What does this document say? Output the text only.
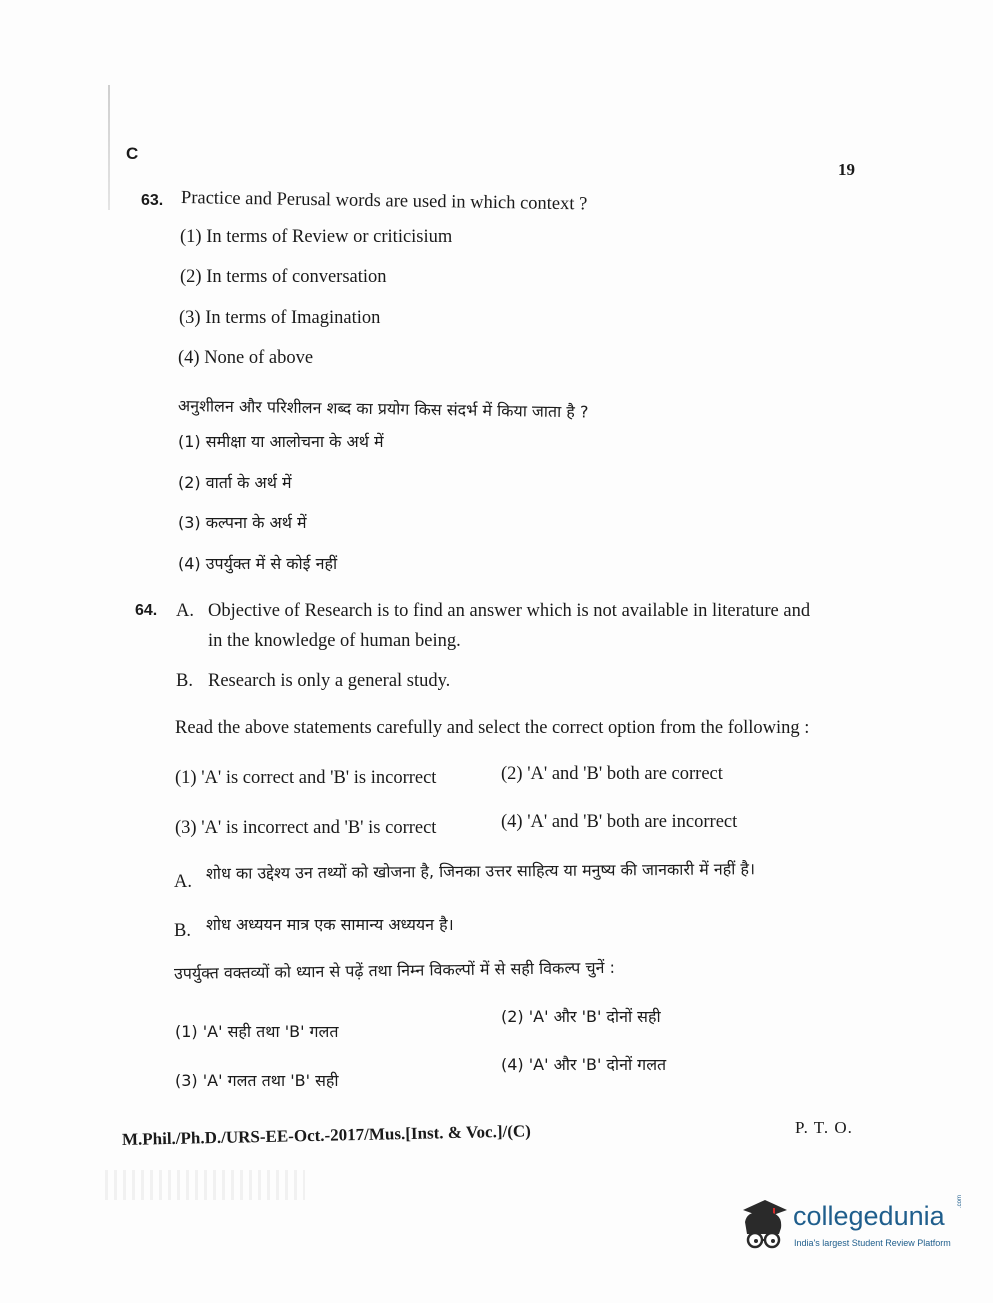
C
19
63. Practice and Perusal words are used in which context ?
(1) In terms of Review or criticisium
(2) In terms of conversation
(3) In terms of Imagination
(4) None of above
अनुशीलन और परिशीलन शब्द का प्रयोग किस संदर्भ में किया जाता है ?
(1) समीक्षा या आलोचना के अर्थ में
(2) वार्ता के अर्थ में
(3) कल्पना के अर्थ में
(4) उपर्युक्त में से कोई नहीं
64. A. Objective of Research is to find an answer which is not available in literature and
in the knowledge of human being.
B. Research is only a general study.
Read the above statements carefully and select the correct option from the following :
(1) 'A' is correct and 'B' is incorrect	(2) 'A' and 'B' both are correct
(3) 'A' is incorrect and 'B' is correct	(4) 'A' and 'B' both are incorrect
A. शोध का उद्देश्य उन तथ्यों को खोजना है, जिनका उत्तर साहित्य या मनुष्य की जानकारी में नहीं है।
B. शोध अध्ययन मात्र एक सामान्य अध्ययन है।
उपर्युक्त वक्तव्यों को ध्यान से पढ़ें तथा निम्न विकल्पों में से सही विकल्प चुनें :
(1) 'A' सही तथा 'B' गलत
(2) 'A' और 'B' दोनों सही
(3) 'A' गलत तथा 'B' सही
(4) 'A' और 'B' दोनों गलत
P. T. O.
M.Phil./Ph.D./URS-EE-Oct.-2017/Mus.[Inst. & Voc.]/(C)
collegedunia .com
India's largest Student Review Platform
